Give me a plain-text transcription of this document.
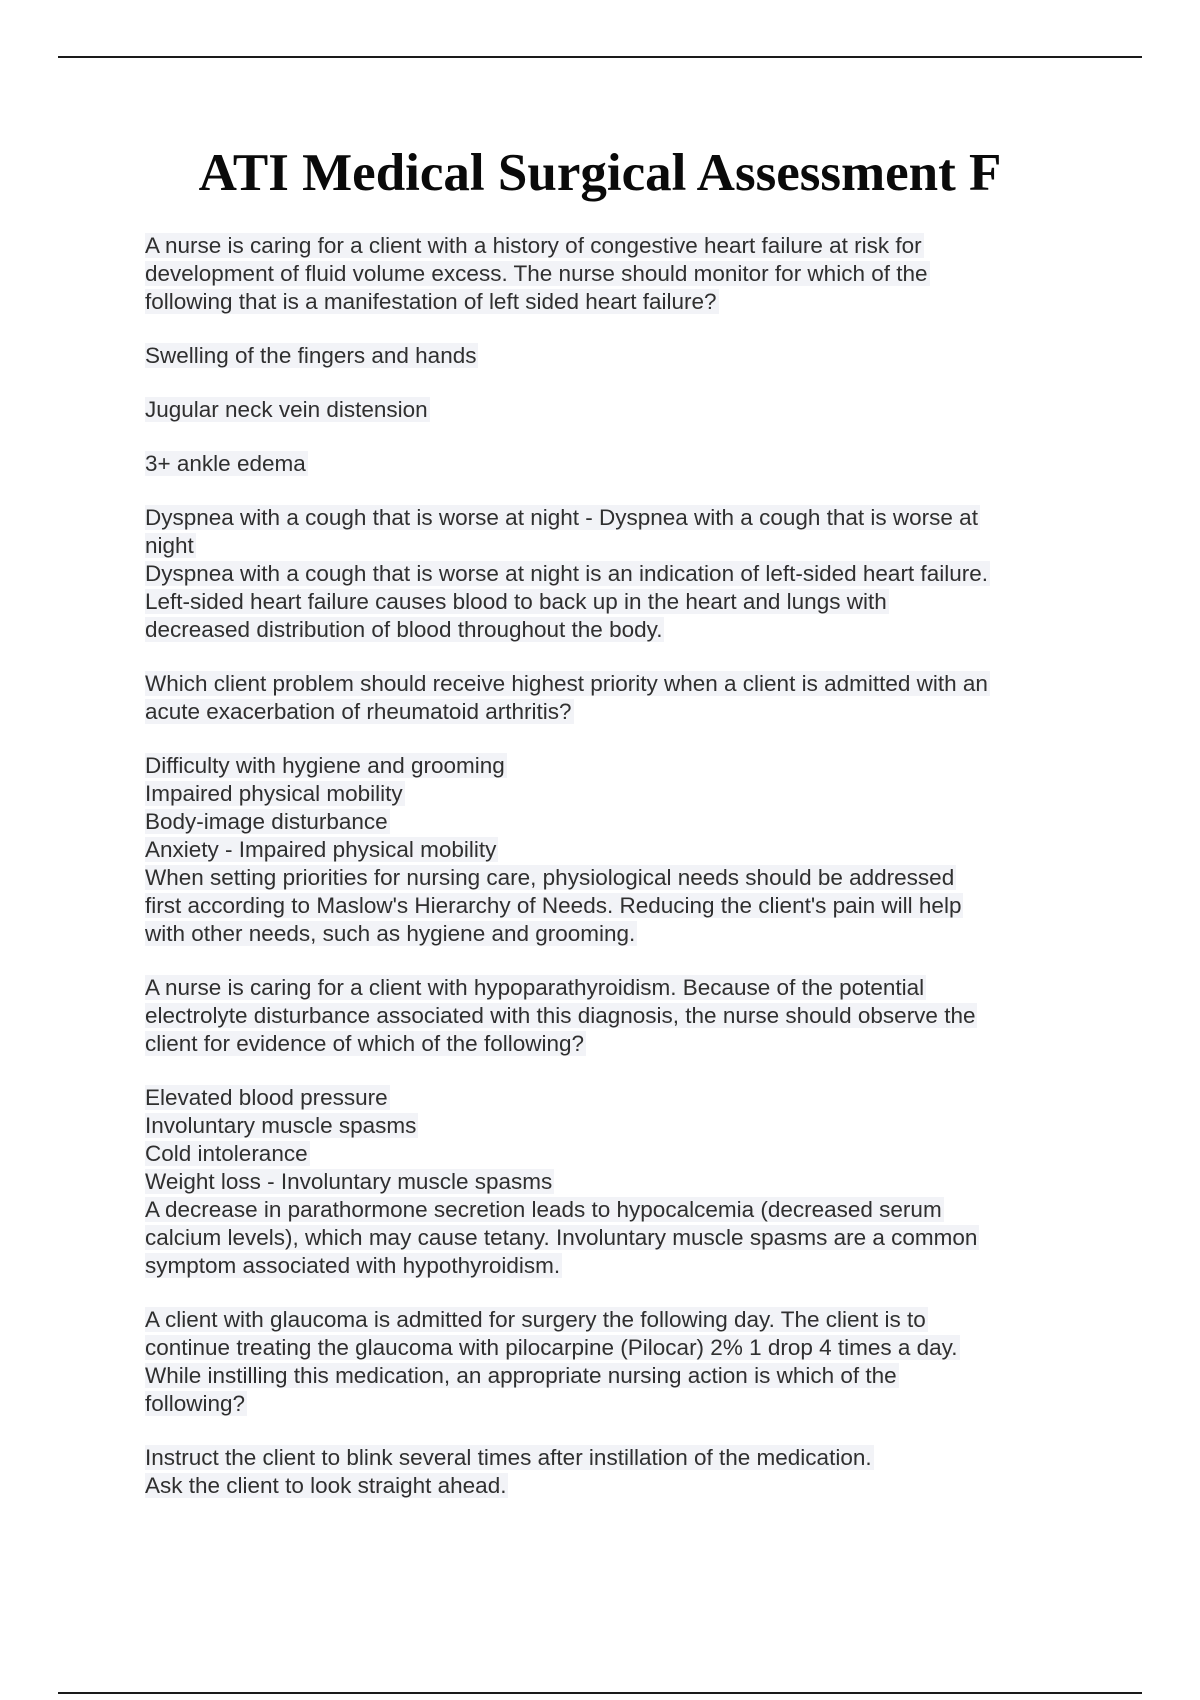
ATI Medical Surgical Assessment F
A nurse is caring for a client with a history of congestive heart failure at risk for
development of fluid volume excess. The nurse should monitor for which of the
following that is a manifestation of left sided heart failure?
Swelling of the fingers and hands
Jugular neck vein distension
3+ ankle edema
Dyspnea with a cough that is worse at night - Dyspnea with a cough that is worse at
night
Dyspnea with a cough that is worse at night is an indication of left-sided heart failure.
Left-sided heart failure causes blood to back up in the heart and lungs with
decreased distribution of blood throughout the body.
Which client problem should receive highest priority when a client is admitted with an
acute exacerbation of rheumatoid arthritis?
Difficulty with hygiene and grooming
Impaired physical mobility
Body-image disturbance
Anxiety - Impaired physical mobility
When setting priorities for nursing care, physiological needs should be addressed
first according to Maslow's Hierarchy of Needs. Reducing the client's pain will help
with other needs, such as hygiene and grooming.
A nurse is caring for a client with hypoparathyroidism. Because of the potential
electrolyte disturbance associated with this diagnosis, the nurse should observe the
client for evidence of which of the following?
Elevated blood pressure
Involuntary muscle spasms
Cold intolerance
Weight loss - Involuntary muscle spasms
A decrease in parathormone secretion leads to hypocalcemia (decreased serum
calcium levels), which may cause tetany. Involuntary muscle spasms are a common
symptom associated with hypothyroidism.
A client with glaucoma is admitted for surgery the following day. The client is to
continue treating the glaucoma with pilocarpine (Pilocar) 2% 1 drop 4 times a day.
While instilling this medication, an appropriate nursing action is which of the
following?
Instruct the client to blink several times after instillation of the medication.
Ask the client to look straight ahead.
